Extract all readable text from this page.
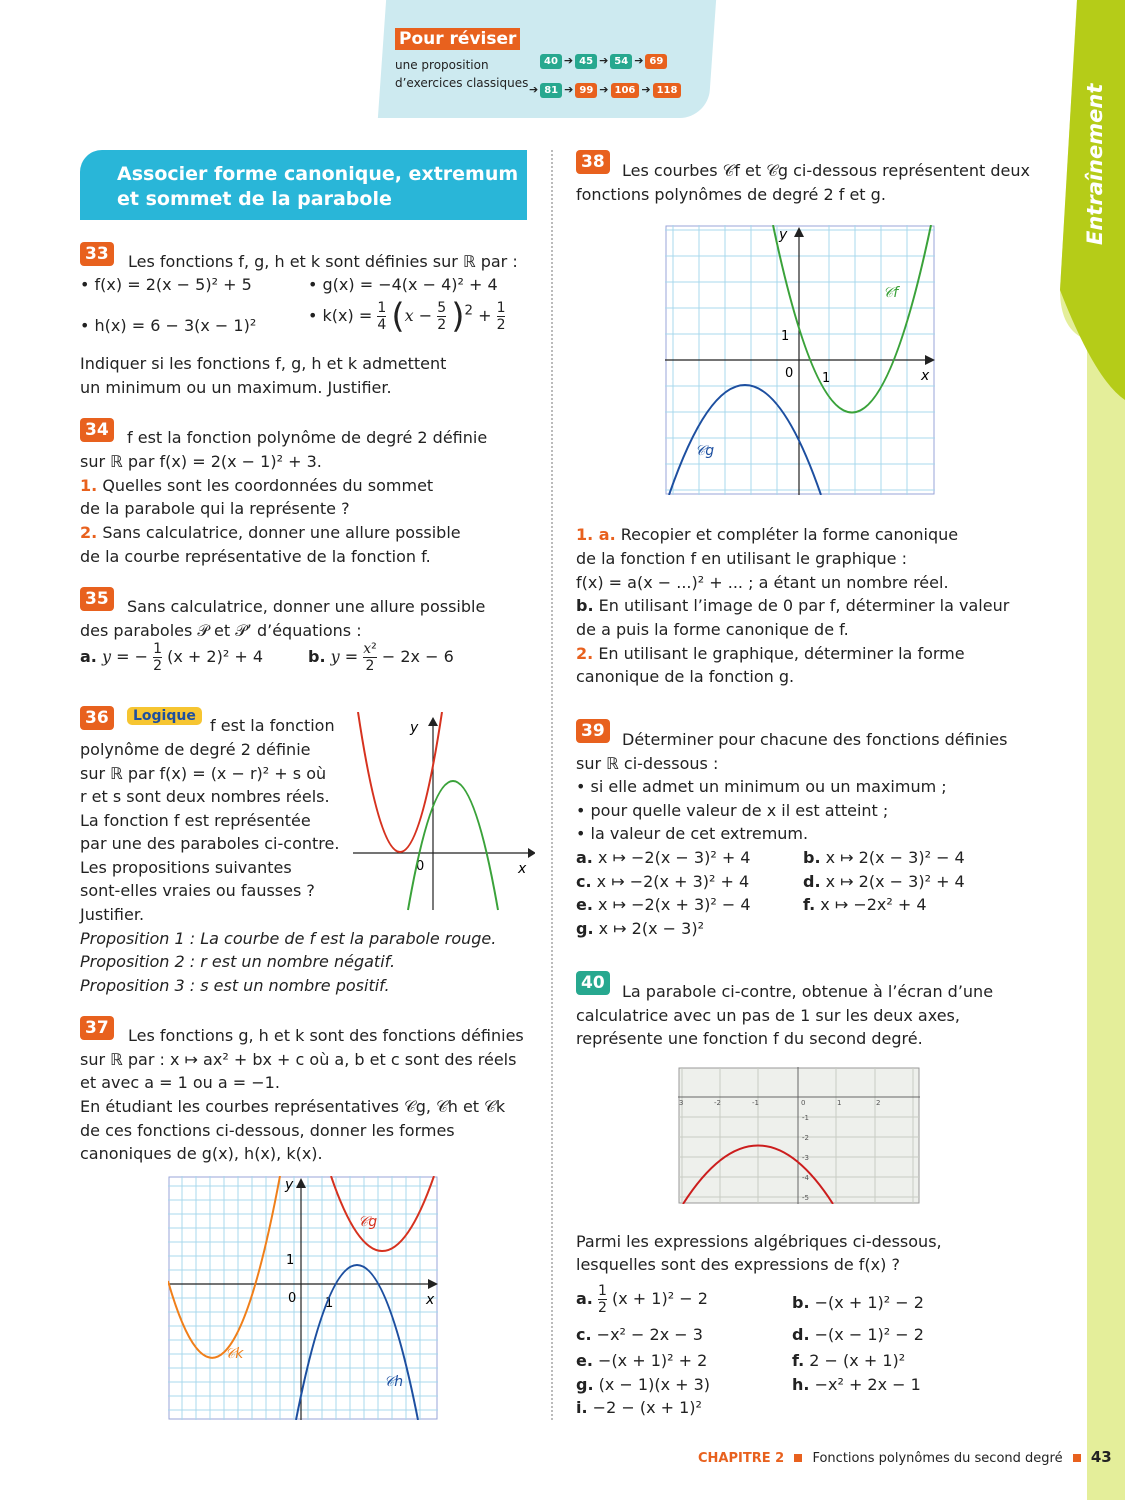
Pour réviser
une proposition
d’exercices classiques
40 ➔ 45 ➔ 54 ➔ 69
➔ 81 ➔ 99 ➔ 106 ➔ 118	Entraînement
Associer forme canonique, extremum
et sommet de la parabole
33	Les fonctions f, g, h et k sont définies sur ℝ par :
• f(x) = 2(x − 5)² + 5	• g(x) = −4(x − 4)² + 4
• h(x) = 6 − 3(x − 1)²
• $k(x) = \frac{1}{4} (x - \frac{5}{2} )^2 + \frac{1}{2}$
Indiquer si les fonctions f, g, h et k admettent
un minimum ou un maximum. Justifier.
34	f est la fonction polynôme de degré 2 définie
sur ℝ par f(x) = 2(x − 1)² + 3.
1. Quelles sont les coordonnées du sommet
de la parabole qui la représente ?
2. Sans calculatrice, donner une allure possible
de la courbe représentative de la fonction f.
35	Sans calculatrice, donner une allure possible
des paraboles 𝒫 et 𝒫’ d’équations :
a. y = − $\frac{1}{2} (x + 2)^2 + 4$	b. $y = \frac{\text{x²}}{2} - 2x - 6$
36	Logique f est la fonction
polynôme de degré 2 définie
sur ℝ par f(x) = (x − r)² + s où
r et s sont deux nombres réels.
La fonction f est représentée
par une des paraboles ci-contre.
Les propositions suivantes
sont-elles vraies ou fausses ?
Justifier.
Proposition 1 : La courbe de f est la parabole rouge.
Proposition 2 : r est un nombre négatif.
Proposition 3 : s est un nombre positif.
y
x
0
37	Les fonctions g, h et k sont des fonctions définies
sur ℝ par : x ↦ ax² + bx + c où a, b et c sont des réels
et avec a = 1 ou a = −1.
En étudiant les courbes représentatives 𝒞g, 𝒞h et 𝒞k
de ces fonctions ci-dessous, donner les formes
canoniques de g(x), h(x), k(x).
y
x
0 1
1
𝒞g
𝒞k
𝒞h
38	Les courbes 𝒞f et 𝒞g ci-dessous représentent deux
fonctions polynômes de degré 2 f et g.
y
x
0 1
1
𝒞f
𝒞g
1. a. Recopier et compléter la forme canonique
de la fonction f en utilisant le graphique :
f(x) = a(x − ...)² + ... ; a étant un nombre réel.
b. En utilisant l’image de 0 par f, déterminer la valeur
de a puis la forme canonique de f.
2. En utilisant le graphique, déterminer la forme
canonique de la fonction g.
39	Déterminer pour chacune des fonctions définies
sur ℝ ci-dessous :
• si elle admet un minimum ou un maximum ;
• pour quelle valeur de x il est atteint ;
• la valeur de cet extremum.
a. x ↦ −2(x − 3)² + 4	b. x ↦ 2(x − 3)² − 4
c. x ↦ −2(x + 3)² + 4	d. x ↦ 2(x − 3)² + 4
e. x ↦ −2(x + 3)² − 4	f. x ↦ −2x² + 4
g. x ↦ 2(x − 3)²
40	La parabole ci-contre, obtenue à l’écran d’une
calculatrice avec un pas de 1 sur les deux axes,
représente une fonction f du second degré.
3	-2	-1	0	1	2
-1
-2
-3
-4
-5
Parmi les expressions algébriques ci-dessous,
lesquelles sont des expressions de f(x) ?
a. $\frac{1}{2} (x + 1)^2 - 2$	b. −(x + 1)² − 2
c. −x² − 2x − 3	d. −(x − 1)² − 2
e. −(x + 1)² + 2	f. 2 − (x + 1)²
g. (x − 1)(x + 3)	h. −x² + 2x − 1
i. −2 − (x + 1)²
CHAPITRE 2 Fonctions polynômes du second degré 43
